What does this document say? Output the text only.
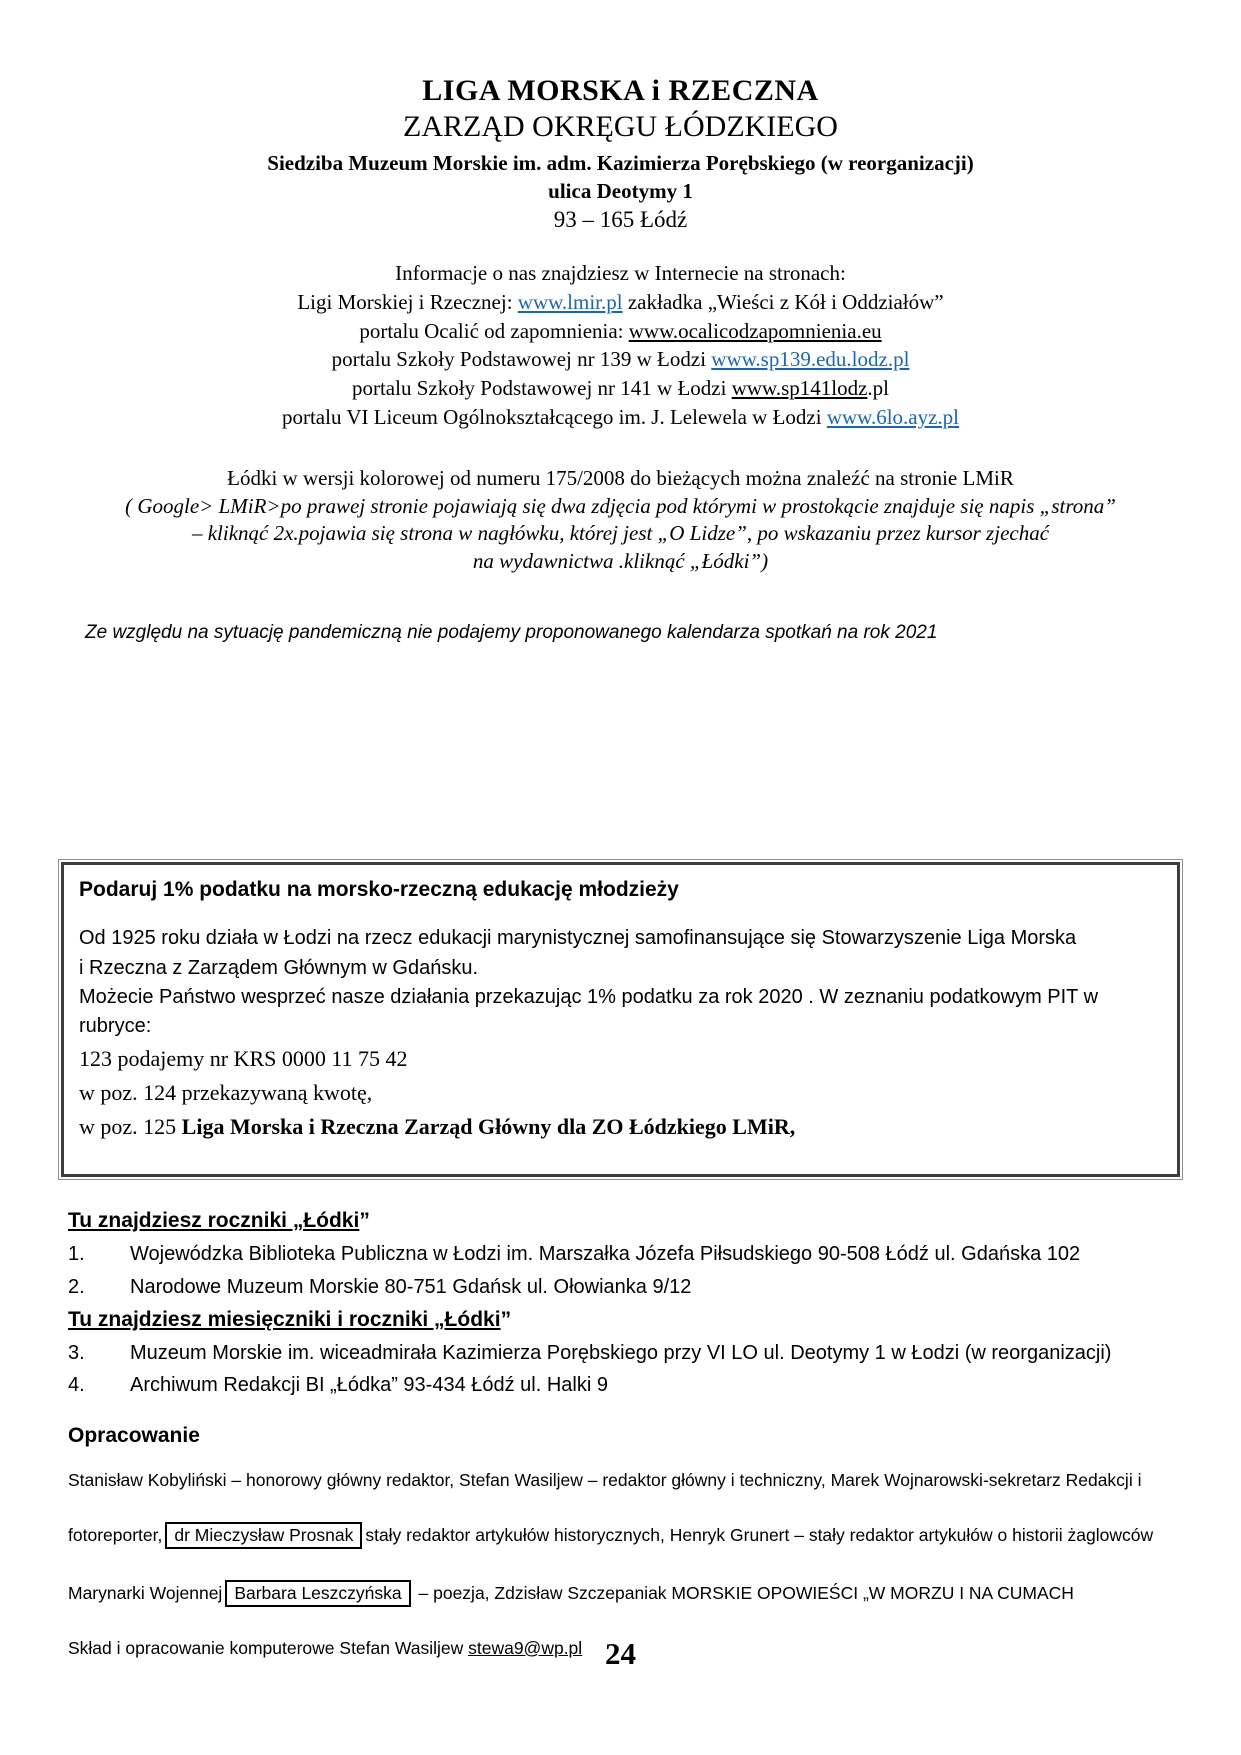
LIGA MORSKA i RZECZNA
ZARZĄD OKRĘGU ŁÓDZKIEGO
Siedziba Muzeum Morskie im. adm. Kazimierza Porębskiego (w reorganizacji)
ulica Deotymy 1
93 – 165 Łódź
Informacje o nas znajdziesz w Internecie na stronach:
Ligi Morskiej i Rzecznej: www.lmir.pl zakładka „Wieści z Kół i Oddziałów”
portalu Ocalić od zapomnienia: www.ocalicodzapomnienia.eu
portalu Szkoły Podstawowej nr 139 w Łodzi www.sp139.edu.lodz.pl
portalu Szkoły Podstawowej nr 141 w Łodzi www.sp141lodz.pl
portalu VI Liceum Ogólnokształcącego im. J. Lelewela w Łodzi www.6lo.ayz.pl
Łódki w wersji kolorowej od numeru 175/2008 do bieżących można znaleźć na stronie LMiR
( Google> LMiR>po prawej stronie pojawiają się dwa zdjęcia pod którymi w prostokącie znajduje się napis „strona”
– kliknąć 2x.pojawia się strona w nagłówku, której jest „O Lidze”, po wskazaniu przez kursor zjechać
na wydawnictwa .kliknąć „Łódki”)
Ze względu na sytuację pandemiczną nie podajemy proponowanego kalendarza spotkań na rok 2021
Podaruj 1% podatku na morsko-rzeczną edukację młodzieży
Od 1925 roku działa w Łodzi na rzecz edukacji marynistycznej samofinansujące się Stowarzyszenie Liga Morska
i Rzeczna z Zarządem Głównym w Gdańsku.
Możecie Państwo wesprzeć nasze działania przekazując 1% podatku za rok 2020 . W zeznaniu podatkowym PIT w
rubryce:
123 podajemy nr KRS 0000 11 75 42
w poz. 124 przekazywaną kwotę,
w poz. 125 Liga Morska i Rzeczna Zarząd Główny dla ZO Łódzkiego LMiR,
Tu znajdziesz roczniki „Łódki”
1.	Wojewódzka Biblioteka Publiczna w Łodzi im. Marszałka Józefa Piłsudskiego 90-508 Łódź ul. Gdańska 102
2.	Narodowe Muzeum Morskie 80-751 Gdańsk ul. Ołowianka 9/12
Tu znajdziesz miesięczniki i roczniki „Łódki”
3.	Muzeum Morskie im. wiceadmirała Kazimierza Porębskiego przy VI LO ul. Deotymy 1 w Łodzi (w reorganizacji)
4.	Archiwum Redakcji BI „Łódka” 93-434 Łódź ul. Halki 9
Opracowanie
Stanisław Kobyliński – honorowy główny redaktor, Stefan Wasiljew – redaktor główny i techniczny, Marek Wojnarowski-sekretarz Redakcji i
fotoreporter, dr Mieczysław Prosnak stały redaktor artykułów historycznych, Henryk Grunert – stały redaktor artykułów o historii żaglowców
Marynarki Wojennej Barbara Leszczyńska – poezja, Zdzisław Szczepaniak MORSKIE OPOWIEŚCI „W MORZU I NA CUMACH
Skład i opracowanie komputerowe Stefan Wasiljew stewa9@wp.pl 24
